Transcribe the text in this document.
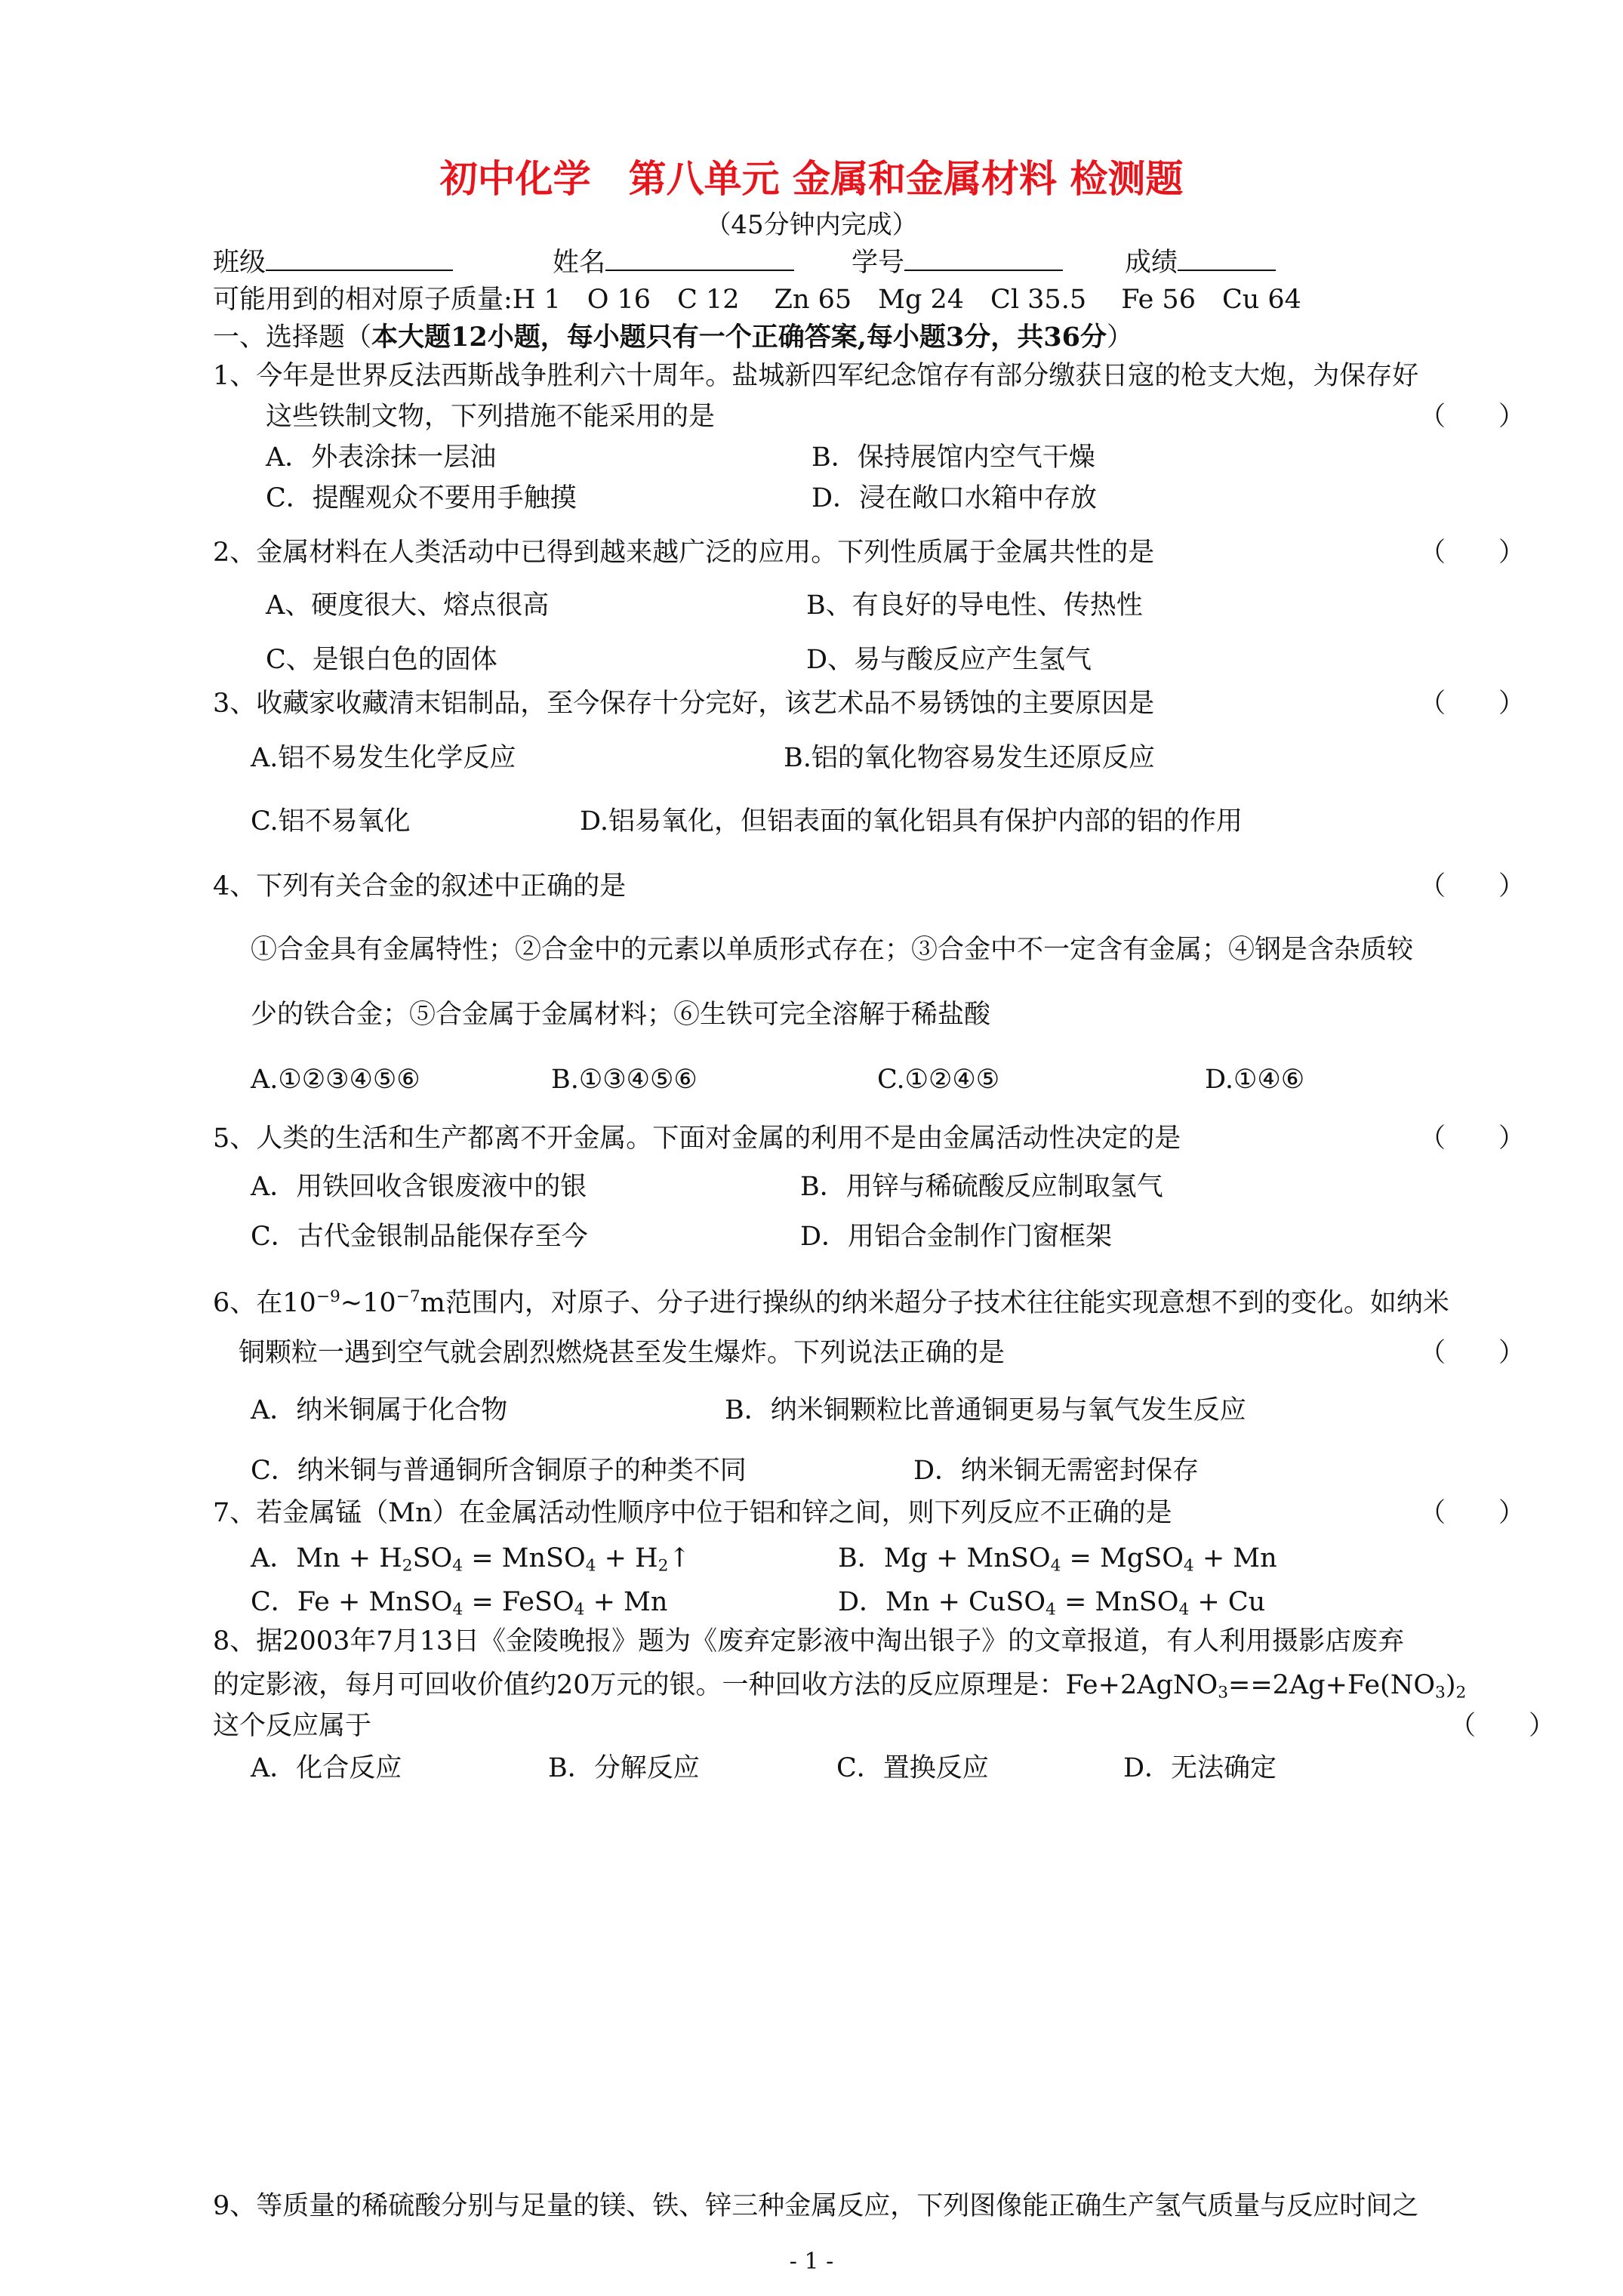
初中化学　第八单元 金属和金属材料 检测题
（45分钟内完成）
班级	姓名	学号	成绩
可能用到的相对原子质量:H 1　O 16　C 12　 Zn 65　Mg 24　Cl 35.5　 Fe 56　Cu 64
一、选择题（本大题12小题，每小题只有一个正确答案,每小题3分，共36分）
1、今年是世界反法西斯战争胜利六十周年。盐城新四军纪念馆存有部分缴获日寇的枪支大炮，为保存好
这些铁制文物，下列措施不能采用的是	（　　）
A．外表涂抹一层油	B．保持展馆内空气干燥
C．提醒观众不要用手触摸	D．浸在敞口水箱中存放
2、金属材料在人类活动中已得到越来越广泛的应用。下列性质属于金属共性的是	（　　）
A、硬度很大、熔点很高	B、有良好的导电性、传热性
C、是银白色的固体	D、易与酸反应产生氢气
3、收藏家收藏清末铝制品，至今保存十分完好，该艺术品不易锈蚀的主要原因是	（　　）
A.铝不易发生化学反应	B.铝的氧化物容易发生还原反应
C.铝不易氧化	D.铝易氧化，但铝表面的氧化铝具有保护内部的铝的作用
4、下列有关合金的叙述中正确的是	（　　）
①合金具有金属特性；②合金中的元素以单质形式存在；③合金中不一定含有金属；④钢是含杂质较
少的铁合金；⑤合金属于金属材料；⑥生铁可完全溶解于稀盐酸
A.①②③④⑤⑥	B.①③④⑤⑥	C.①②④⑤	D.①④⑥
5、人类的生活和生产都离不开金属。下面对金属的利用不是由金属活动性决定的是	（　　）
A．用铁回收含银废液中的银	B．用锌与稀硫酸反应制取氢气
C．古代金银制品能保存至今	D．用铝合金制作门窗框架
6、在$10^{-9}\sim 10^{-7}m$范围内，对原子、分子进行操纵的纳米超分子技术往往能实现意想不到的变化。如纳米
铜颗粒一遇到空气就会剧烈燃烧甚至发生爆炸。下列说法正确的是	（　　）
A．纳米铜属于化合物	B．纳米铜颗粒比普通铜更易与氧气发生反应
C．纳米铜与普通铜所含铜原子的种类不同	D．纳米铜无需密封保存
7、若金属锰（Mn）在金属活动性顺序中位于铝和锌之间，则下列反应不正确的是	（　　）
A．$Mn + H_2SO_4$ = MnSO$_4$ + $H_2↑$	B．Mg + MnSO$_4$ = MgSO$_4$ + Mn
C．Fe + MnSO$_4$ = FeSO$_4$ + Mn	D．Mn + CuSO$_4$ = MnSO$_4$ + Cu
8、据2003年7月13日《金陵晚报》题为《废弃定影液中淘出银子》的文章报道，有人利用摄影店废弃
的定影液，每月可回收价值约20万元的银。一种回收方法的反应原理是：$Fe+2AgNO_3==2Ag+Fe(NO_3)_2$
这个反应属于	（　　）
A．化合反应	B．分解反应	C．置换反应	D．无法确定
9、等质量的稀硫酸分别与足量的镁、铁、锌三种金属反应，下列图像能正确生产氢气质量与反应时间之
- 1 -
